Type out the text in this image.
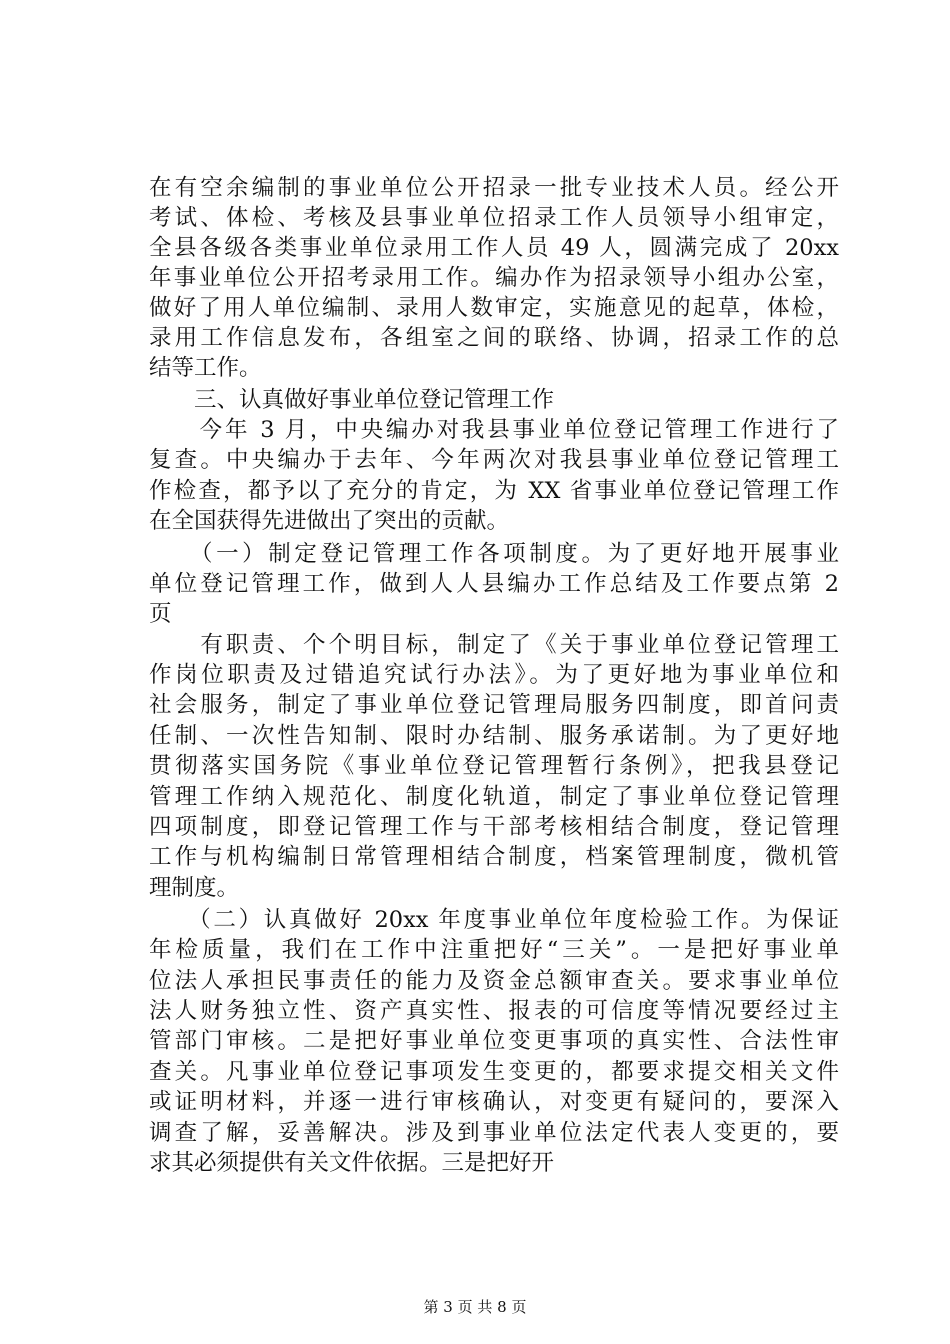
在有空余编制的事业单位公开招录一批专业技术人员。经公开
考试、体检、考核及县事业单位招录工作人员领导小组审定，
全县各级各类事业单位录用工作人员 49 人，圆满完成了 20xx
年事业单位公开招考录用工作。编办作为招录领导小组办公室，
做好了用人单位编制、录用人数审定，实施意见的起草，体检，
录用工作信息发布，各组室之间的联络、协调，招录工作的总
结等工作。
　　三、认真做好事业单位登记管理工作
　　今年 3 月，中央编办对我县事业单位登记管理工作进行了
复查。中央编办于去年、今年两次对我县事业单位登记管理工
作检查，都予以了充分的肯定，为 XX 省事业单位登记管理工作
在全国获得先进做出了突出的贡献。
　　（一）制定登记管理工作各项制度。为了更好地开展事业
单位登记管理工作，做到人人县编办工作总结及工作要点第 2
页
　　有职责、个个明目标，制定了《关于事业单位登记管理工
作岗位职责及过错追究试行办法》。为了更好地为事业单位和
社会服务，制定了事业单位登记管理局服务四制度，即首问责
任制、一次性告知制、限时办结制、服务承诺制。为了更好地
贯彻落实国务院《事业单位登记管理暂行条例》，把我县登记
管理工作纳入规范化、制度化轨道，制定了事业单位登记管理
四项制度，即登记管理工作与干部考核相结合制度，登记管理
工作与机构编制日常管理相结合制度，档案管理制度，微机管
理制度。
　　（二）认真做好 20xx 年度事业单位年度检验工作。为保证
年检质量，我们在工作中注重把好“三关”。一是把好事业单
位法人承担民事责任的能力及资金总额审查关。要求事业单位
法人财务独立性、资产真实性、报表的可信度等情况要经过主
管部门审核。二是把好事业单位变更事项的真实性、合法性审
查关。凡事业单位登记事项发生变更的，都要求提交相关文件
或证明材料，并逐一进行审核确认，对变更有疑问的，要深入
调查了解，妥善解决。涉及到事业单位法定代表人变更的，要
求其必须提供有关文件依据。三是把好开
第 3 页 共 8 页
